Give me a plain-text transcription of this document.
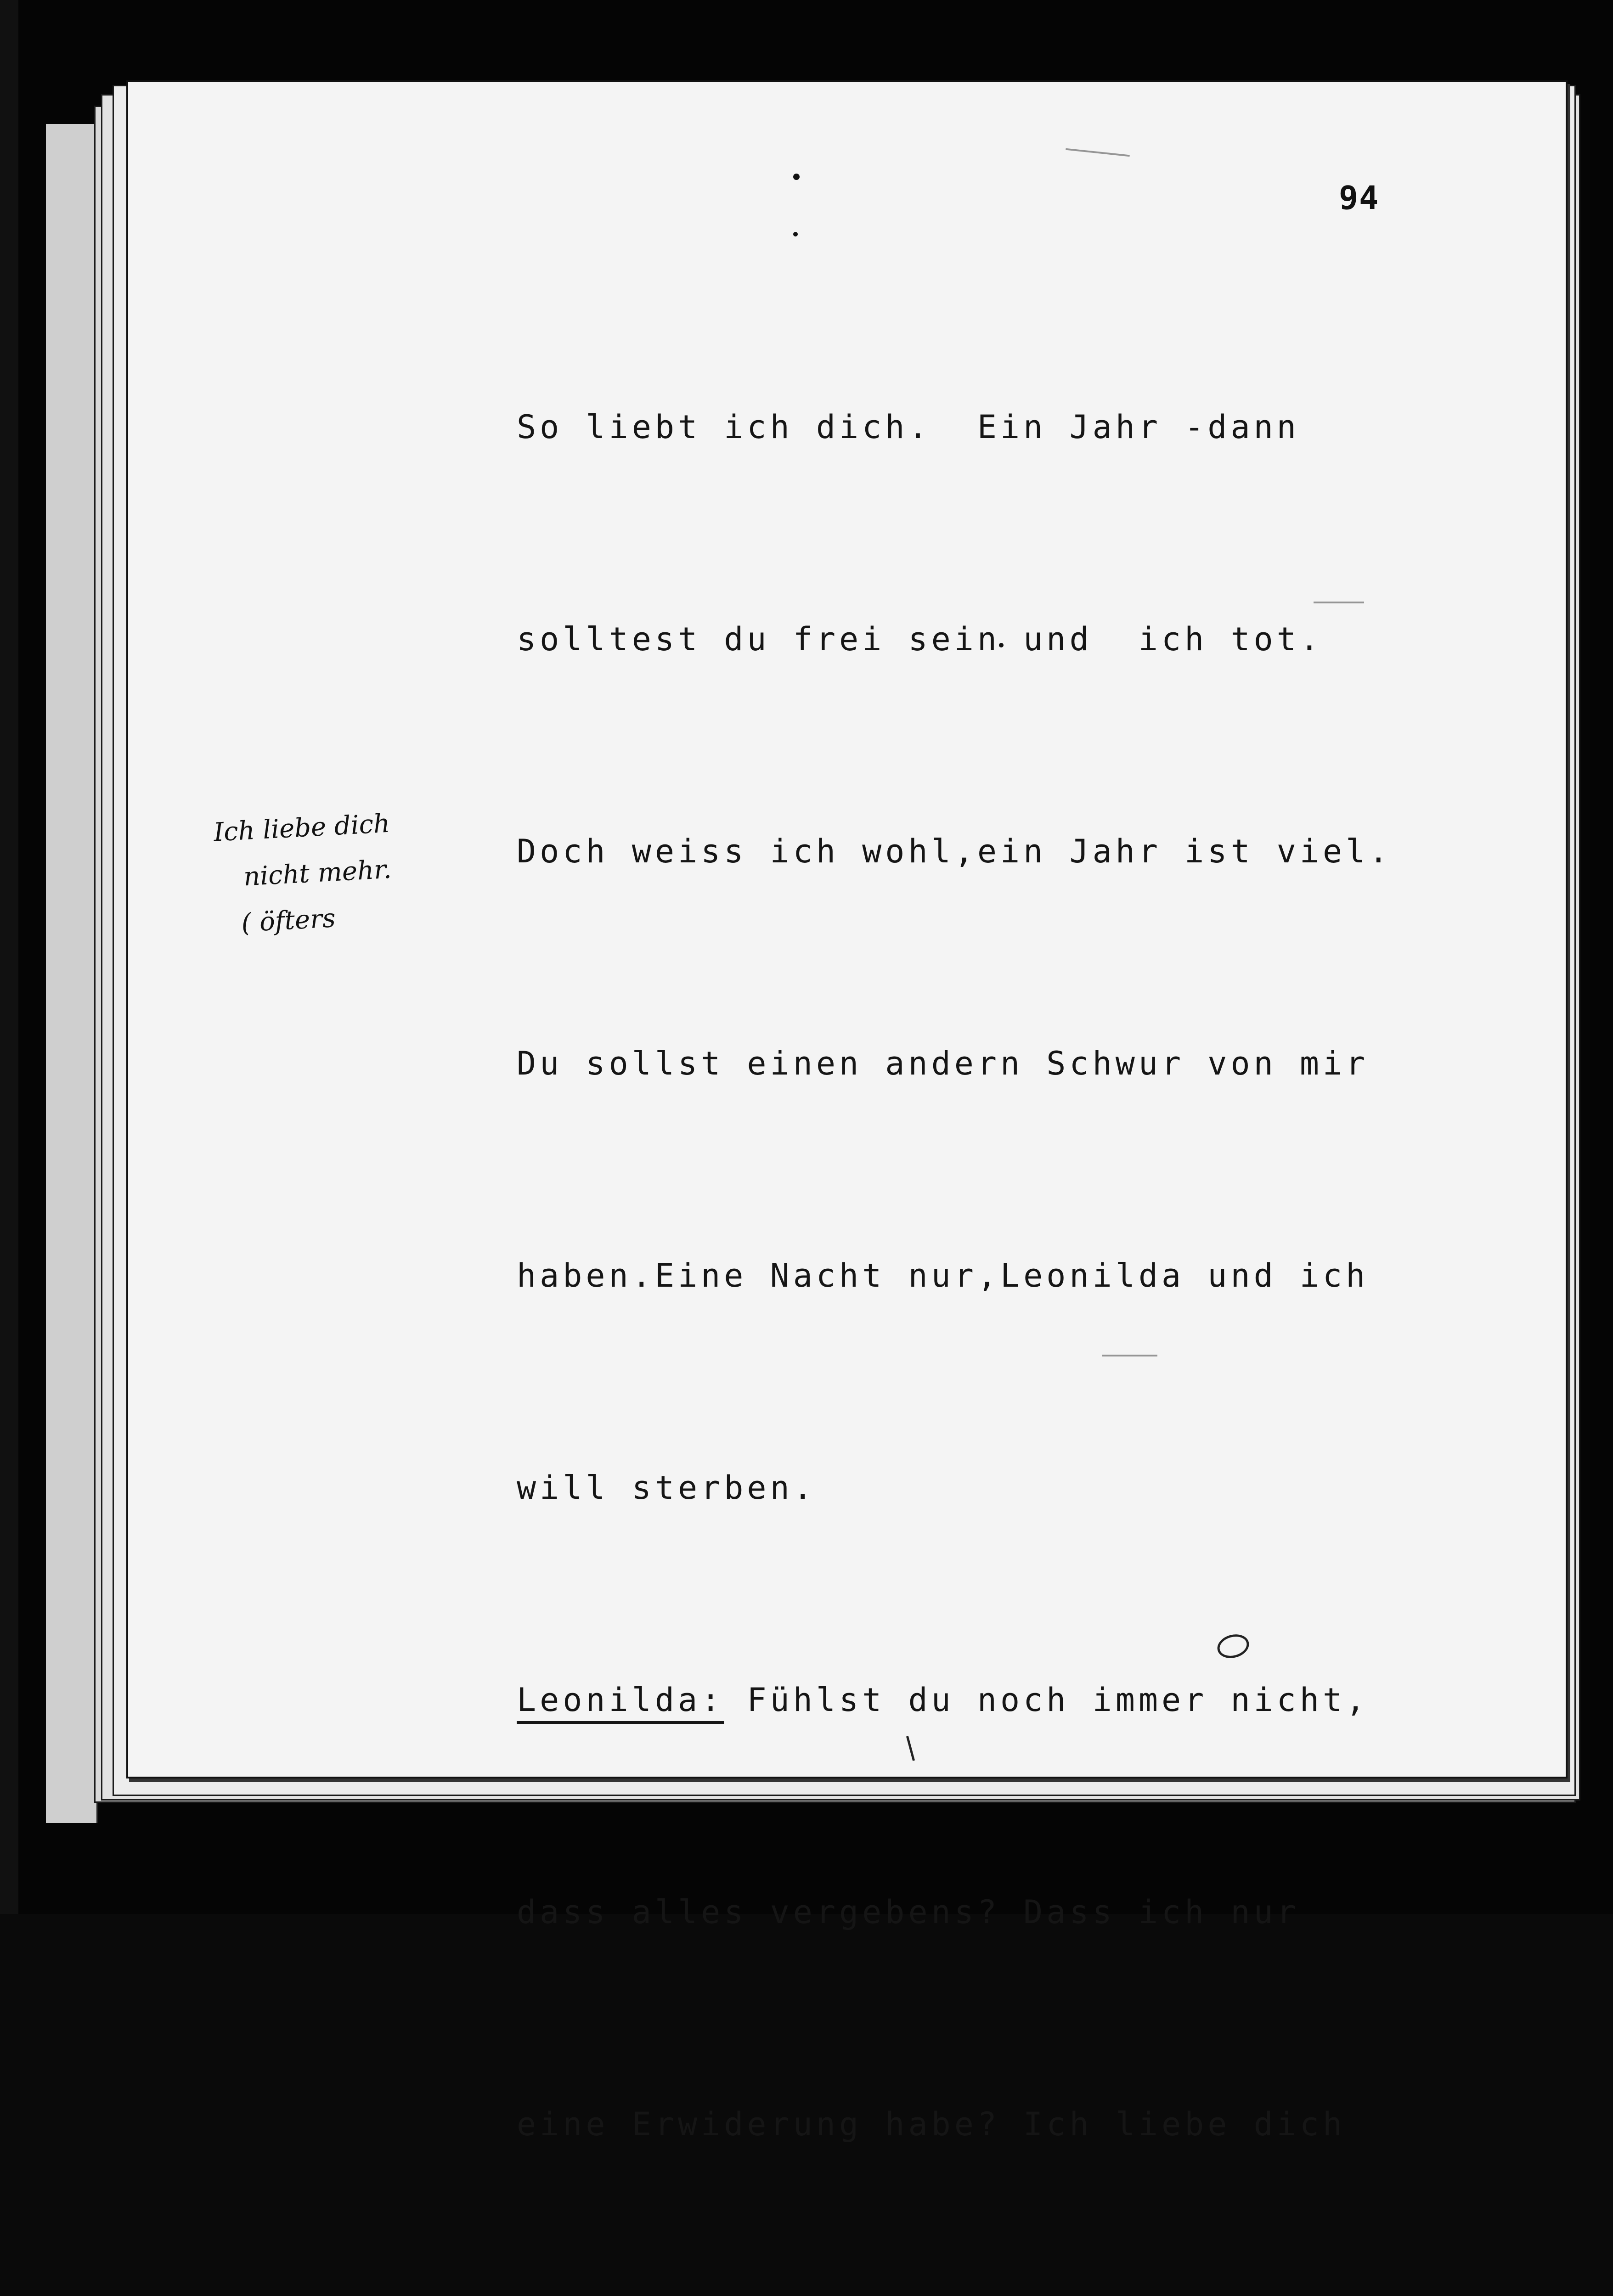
94
Ich liebe dich
nicht mehr.
( öfters

So liebt ich dich.  Ein Jahr -dann

solltest du frei sein und  ich tot.

Doch weiss ich wohl,ein Jahr ist viel.

Du sollst einen andern Schwur von mir

haben.Eine Nacht nur,Leonilda und ich

will sterben.

Leonilda: Fühlst du noch immer nicht,

dass alles vergebens? Dass ich nur

eine Erwiderung habe? Ich liebe dich
